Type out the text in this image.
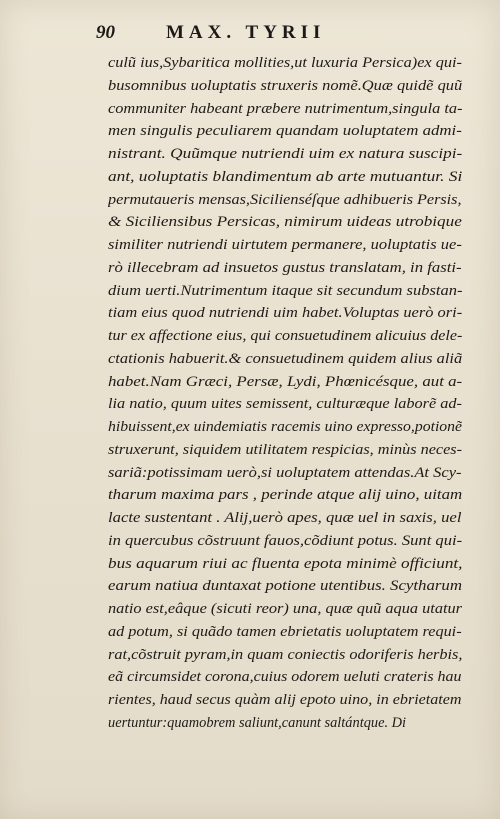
90	MAX. TYRII
culũ ius,Sybaritica mollities,ut luxuria Persica)ex qui-
busomnibus uoluptatis struxeris nomẽ.Quæ quidẽ quũ
communiter habeant præbere nutrimentum,singula ta-
men singulis peculiarem quandam uoluptatem admi-
nistrant. Quũmque nutriendi uim ex natura suscipi-
ant, uoluptatis blandimentum ab arte mutuantur. Si
permutaueris mensas,Sicilienséſque adhibueris Persis,
& Siciliensibus Persicas, nimirum uideas utrobique
similiter nutriendi uirtutem permanere, uoluptatis ue-
rò illecebram ad insuetos gustus translatam, in fasti-
dium uerti.Nutrimentum itaque sit secundum substan-
tiam eius quod nutriendi uim habet.Voluptas uerò ori-
tur ex affectione eius, qui consuetudinem alicuius dele-
ctationis habuerit.& consuetudinem quidem alius aliã
habet.Nam Græci, Persæ, Lydi, Phœnicésque, aut a-
lia natio, quum uites semissent, culturæque laborẽ ad-
hibuissent,ex uindemiatis racemis uino expresso,potionẽ
struxerunt, siquidem utilitatem respicias, minùs neces-
sariã:potissimam uerò,si uoluptatem attendas.At Scy-
tharum maxima pars , perinde atque alij uino, uitam
lacte sustentant . Alij,uerò apes, quæ uel in saxis, uel
in quercubus cõstruunt fauos,cõdiunt potus. Sunt qui-
bus aquarum riui ac fluenta epota minimè officiunt,
earum natiua duntaxat potione utentibus. Scytharum
natio est,eâque (sicuti reor) una, quæ quũ aqua utatur
ad potum, si quãdo tamen ebrietatis uoluptatem requi-
rat,cõstruit pyram,in quam coniectis odoriferis herbis,
eã circumsidet corona,cuius odorem ueluti crateris hau
rientes, haud secus quàm alij epoto uino, in ebrietatem
uertuntur:quamobrem saliunt,canunt saltántque. Di
